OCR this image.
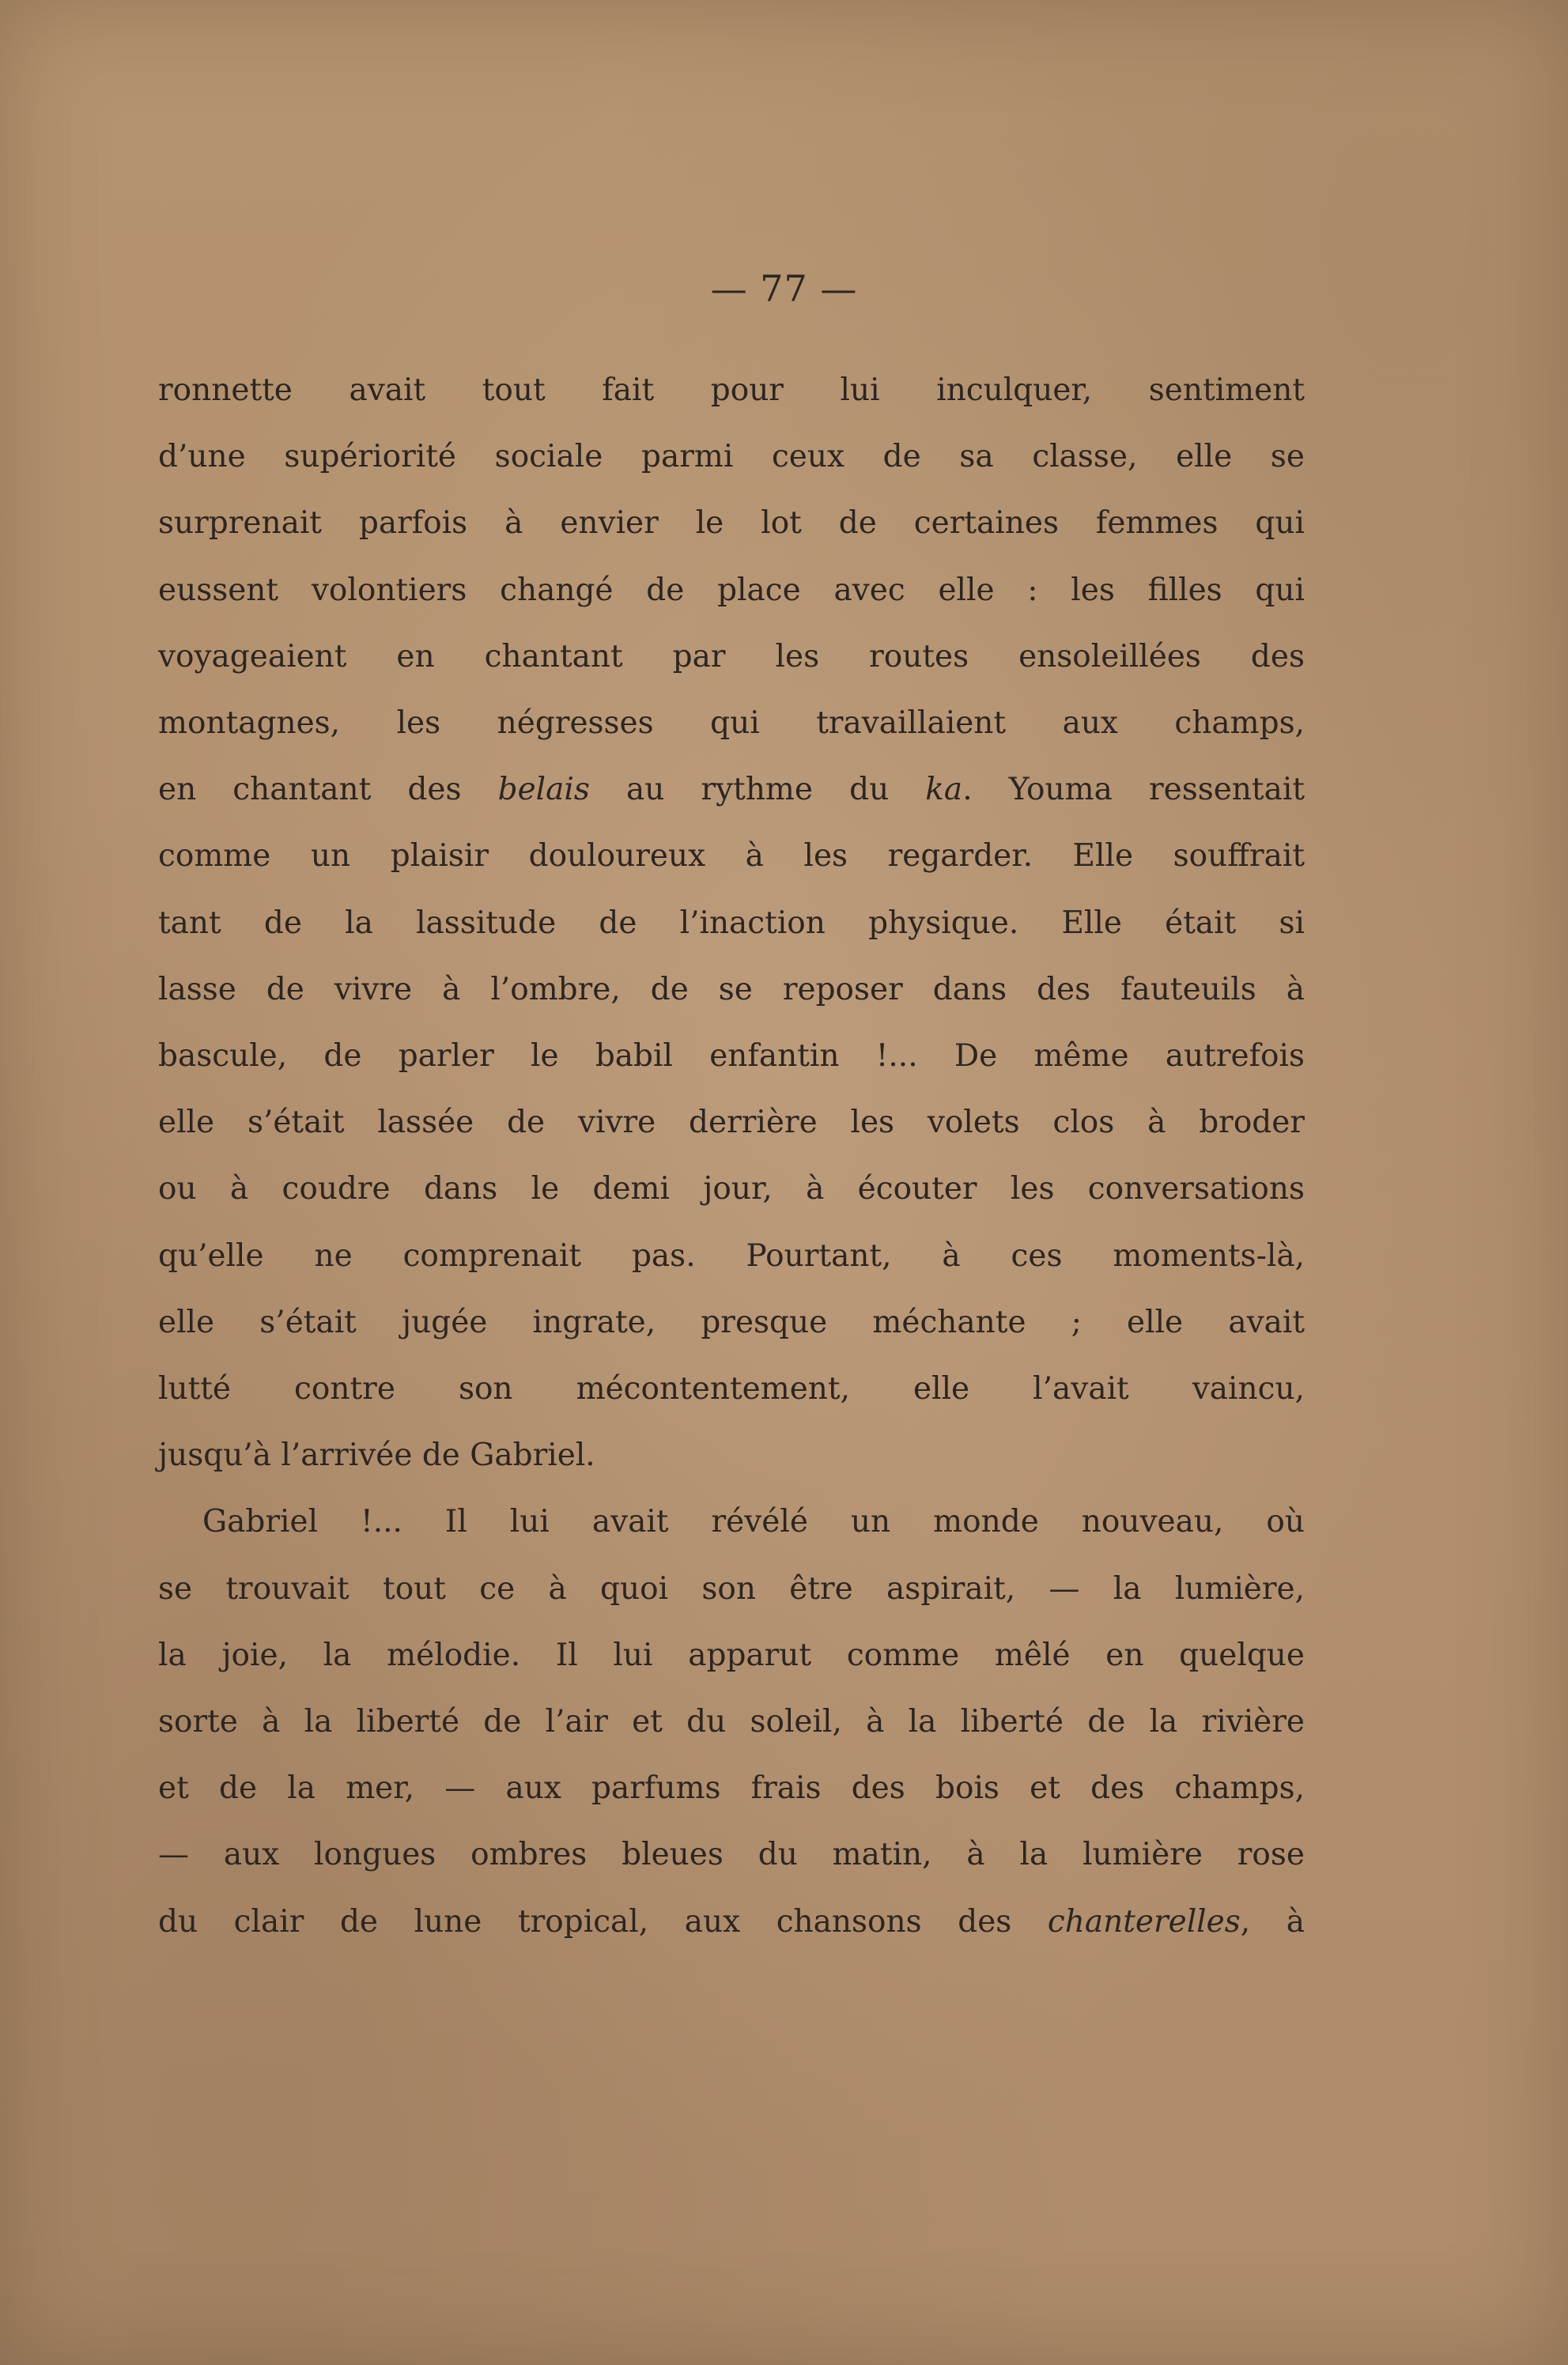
— 77 —
ronnette avait tout fait pour lui inculquer, sentiment
d’une supériorité sociale parmi ceux de sa classe, elle se
surprenait parfois à envier le lot de certaines femmes qui
eussent volontiers changé de place avec elle : les filles qui
voyageaient en chantant par les routes ensoleillées des
montagnes, les négresses qui travaillaient aux champs,
en chantant des belais au rythme du ka. Youma ressentait
comme un plaisir douloureux à les regarder. Elle souffrait
tant de la lassitude de l’inaction physique. Elle était si
lasse de vivre à l’ombre, de se reposer dans des fauteuils à
bascule, de parler le babil enfantin !... De même autrefois
elle s’était lassée de vivre derrière les volets clos à broder
ou à coudre dans le demi jour, à écouter les conversations
qu’elle ne comprenait pas. Pourtant, à ces moments-là,
elle s’était jugée ingrate, presque méchante ; elle avait
lutté contre son mécontentement, elle l’avait vaincu,
jusqu’à l’arrivée de Gabriel.
Gabriel !... Il lui avait révélé un monde nouveau, où
se trouvait tout ce à quoi son être aspirait, — la lumière,
la joie, la mélodie. Il lui apparut comme mêlé en quelque
sorte à la liberté de l’air et du soleil, à la liberté de la rivière
et de la mer, — aux parfums frais des bois et des champs,
— aux longues ombres bleues du matin, à la lumière rose
du clair de lune tropical, aux chansons des chanterelles, à
